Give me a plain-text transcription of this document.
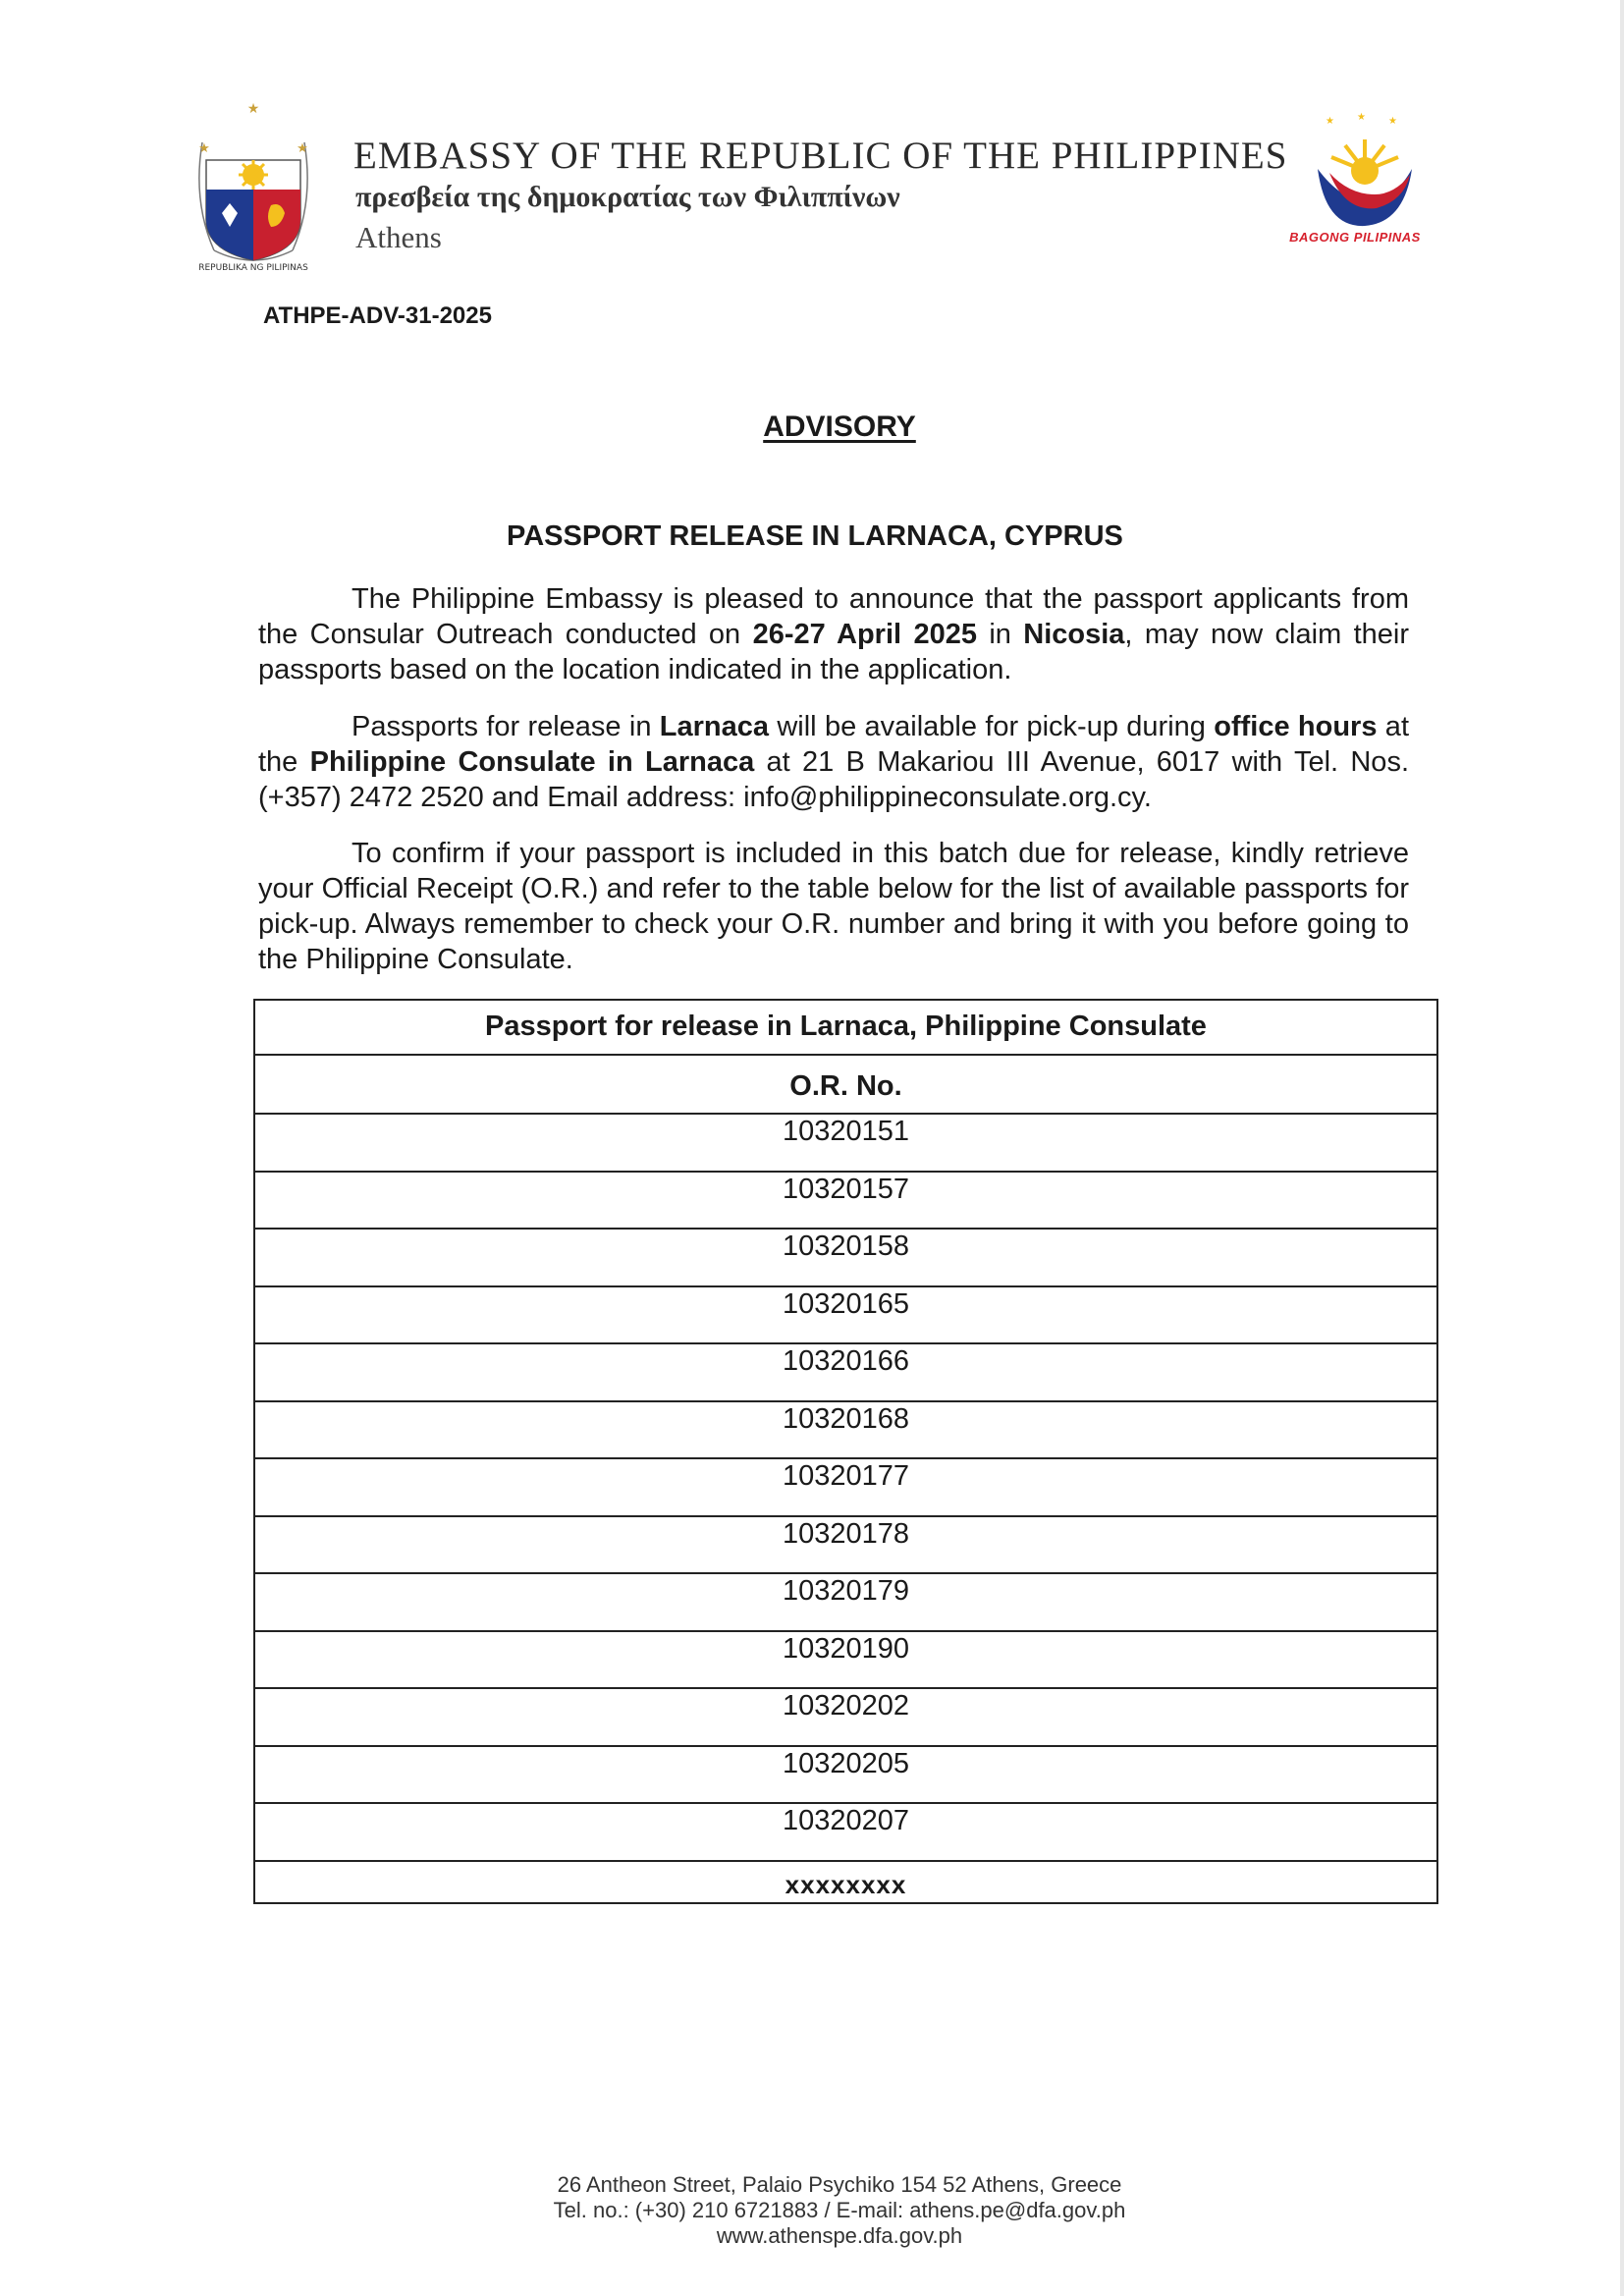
★
★	★
REPUBLIKA NG PILIPINAS
EMBASSY OF THE REPUBLIC OF THE PHILIPPINES
πρεσβεία της δημοκρατίας των Φιλιππίνων
Athens
★ ★ ★
BAGONG PILIPINAS
ATHPE-ADV-31-2025
ADVISORY
PASSPORT RELEASE IN LARNACA, CYPRUS
The Philippine Embassy is pleased to announce that the passport applicants from the Consular Outreach conducted on 26-27 April 2025 in Nicosia, may now claim their passports based on the location indicated in the application.
Passports for release in Larnaca will be available for pick-up during office hours at the Philippine Consulate in Larnaca at 21 B Makariou III Avenue, 6017 with Tel. Nos. (+357) 2472 2520 and Email address: info@philippineconsulate.org.cy.
To confirm if your passport is included in this batch due for release, kindly retrieve your Official Receipt (O.R.) and refer to the table below for the list of available passports for pick-up. Always remember to check your O.R. number and bring it with you before going to the Philippine Consulate.
Passport for release in Larnaca, Philippine Consulate
O.R. No.
10320151
10320157
10320158
10320165
10320166
10320168
10320177
10320178
10320179
10320190
10320202
10320205
10320207
xxxxxxxx
26 Antheon Street, Palaio Psychiko 154 52 Athens, Greece
Tel. no.: (+30) 210 6721883 / E-mail: athens.pe@dfa.gov.ph
www.athenspe.dfa.gov.ph
